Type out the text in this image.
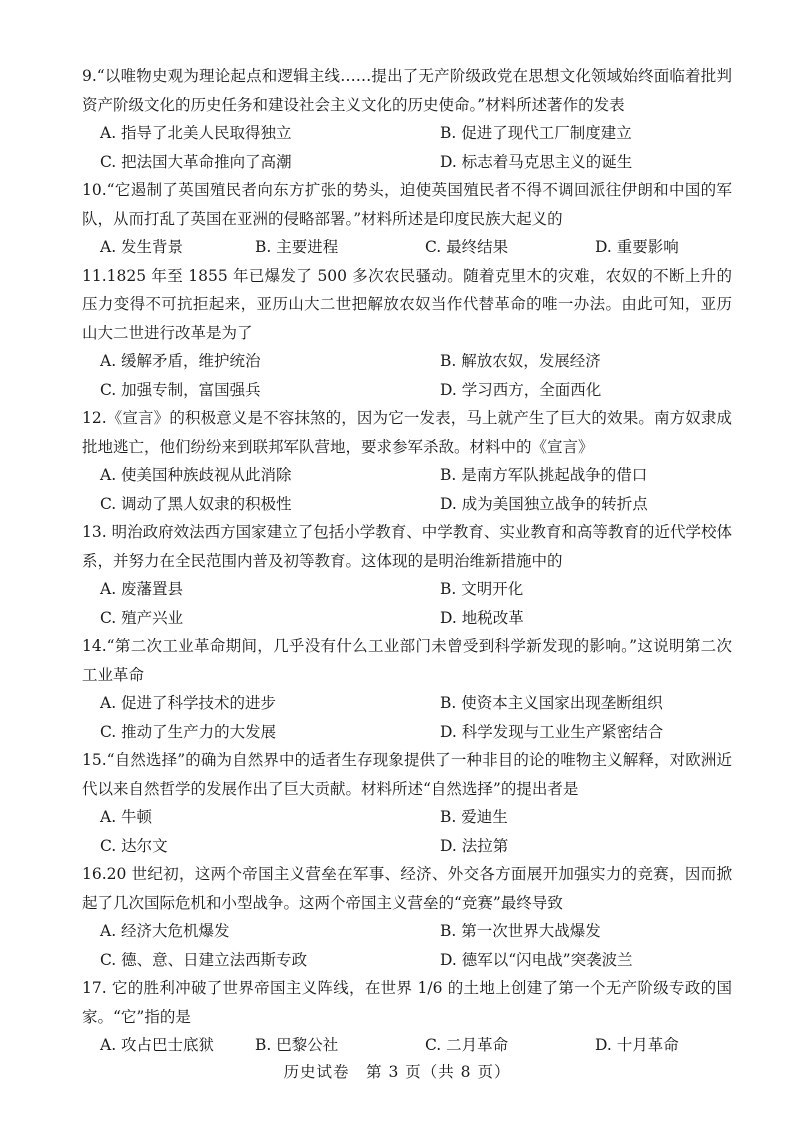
9.“以唯物史观为理论起点和逻辑主线……提出了无产阶级政党在思想文化领域始终面临着批判资产阶级文化的历史任务和建设社会主义文化的历史使命。”材料所述著作的发表

A. 指导了北美人民取得独立	B. 促进了现代工厂制度建立
C. 把法国大革命推向了高潮	D. 标志着马克思主义的诞生

10.“它遏制了英国殖民者向东方扩张的势头，迫使英国殖民者不得不调回派往伊朗和中国的军队，从而打乱了英国在亚洲的侵略部署。”材料所述是印度民族大起义的

A. 发生背景	B. 主要进程	C. 最终结果	D. 重要影响

11.1825 年至 1855 年已爆发了 500 多次农民骚动。随着克里木的灾难，农奴的不断上升的压力变得不可抗拒起来，亚历山大二世把解放农奴当作代替革命的唯一办法。由此可知，亚历山大二世进行改革是为了

A. 缓解矛盾，维护统治	B. 解放农奴，发展经济
C. 加强专制，富国强兵	D. 学习西方，全面西化

12.《宣言》的积极意义是不容抹煞的，因为它一发表，马上就产生了巨大的效果。南方奴隶成批地逃亡，他们纷纷来到联邦军队营地，要求参军杀敌。材料中的《宣言》

A. 使美国种族歧视从此消除	B. 是南方军队挑起战争的借口
C. 调动了黑人奴隶的积极性	D. 成为美国独立战争的转折点

13. 明治政府效法西方国家建立了包括小学教育、中学教育、实业教育和高等教育的近代学校体系，并努力在全民范围内普及初等教育。这体现的是明治维新措施中的

A. 废藩置县	B. 文明开化
C. 殖产兴业	D. 地税改革

14.“第二次工业革命期间，几乎没有什么工业部门未曾受到科学新发现的影响。”这说明第二次工业革命

A. 促进了科学技术的进步	B. 使资本主义国家出现垄断组织
C. 推动了生产力的大发展	D. 科学发现与工业生产紧密结合

15.“自然选择”的确为自然界中的适者生存现象提供了一种非目的论的唯物主义解释，对欧洲近代以来自然哲学的发展作出了巨大贡献。材料所述“自然选择”的提出者是

A. 牛顿	B. 爱迪生
C. 达尔文	D. 法拉第

16.20 世纪初，这两个帝国主义营垒在军事、经济、外交各方面展开加强实力的竞赛，因而掀起了几次国际危机和小型战争。这两个帝国主义营垒的“竞赛”最终导致

A. 经济大危机爆发	B. 第一次世界大战爆发
C. 德、意、日建立法西斯专政	D. 德军以“闪电战”突袭波兰

17. 它的胜利冲破了世界帝国主义阵线，在世界 1/6 的土地上创建了第一个无产阶级专政的国家。“它”指的是

A. 攻占巴士底狱	B. 巴黎公社	C. 二月革命	D. 十月革命
历史试卷　第 3 页（共 8 页）
